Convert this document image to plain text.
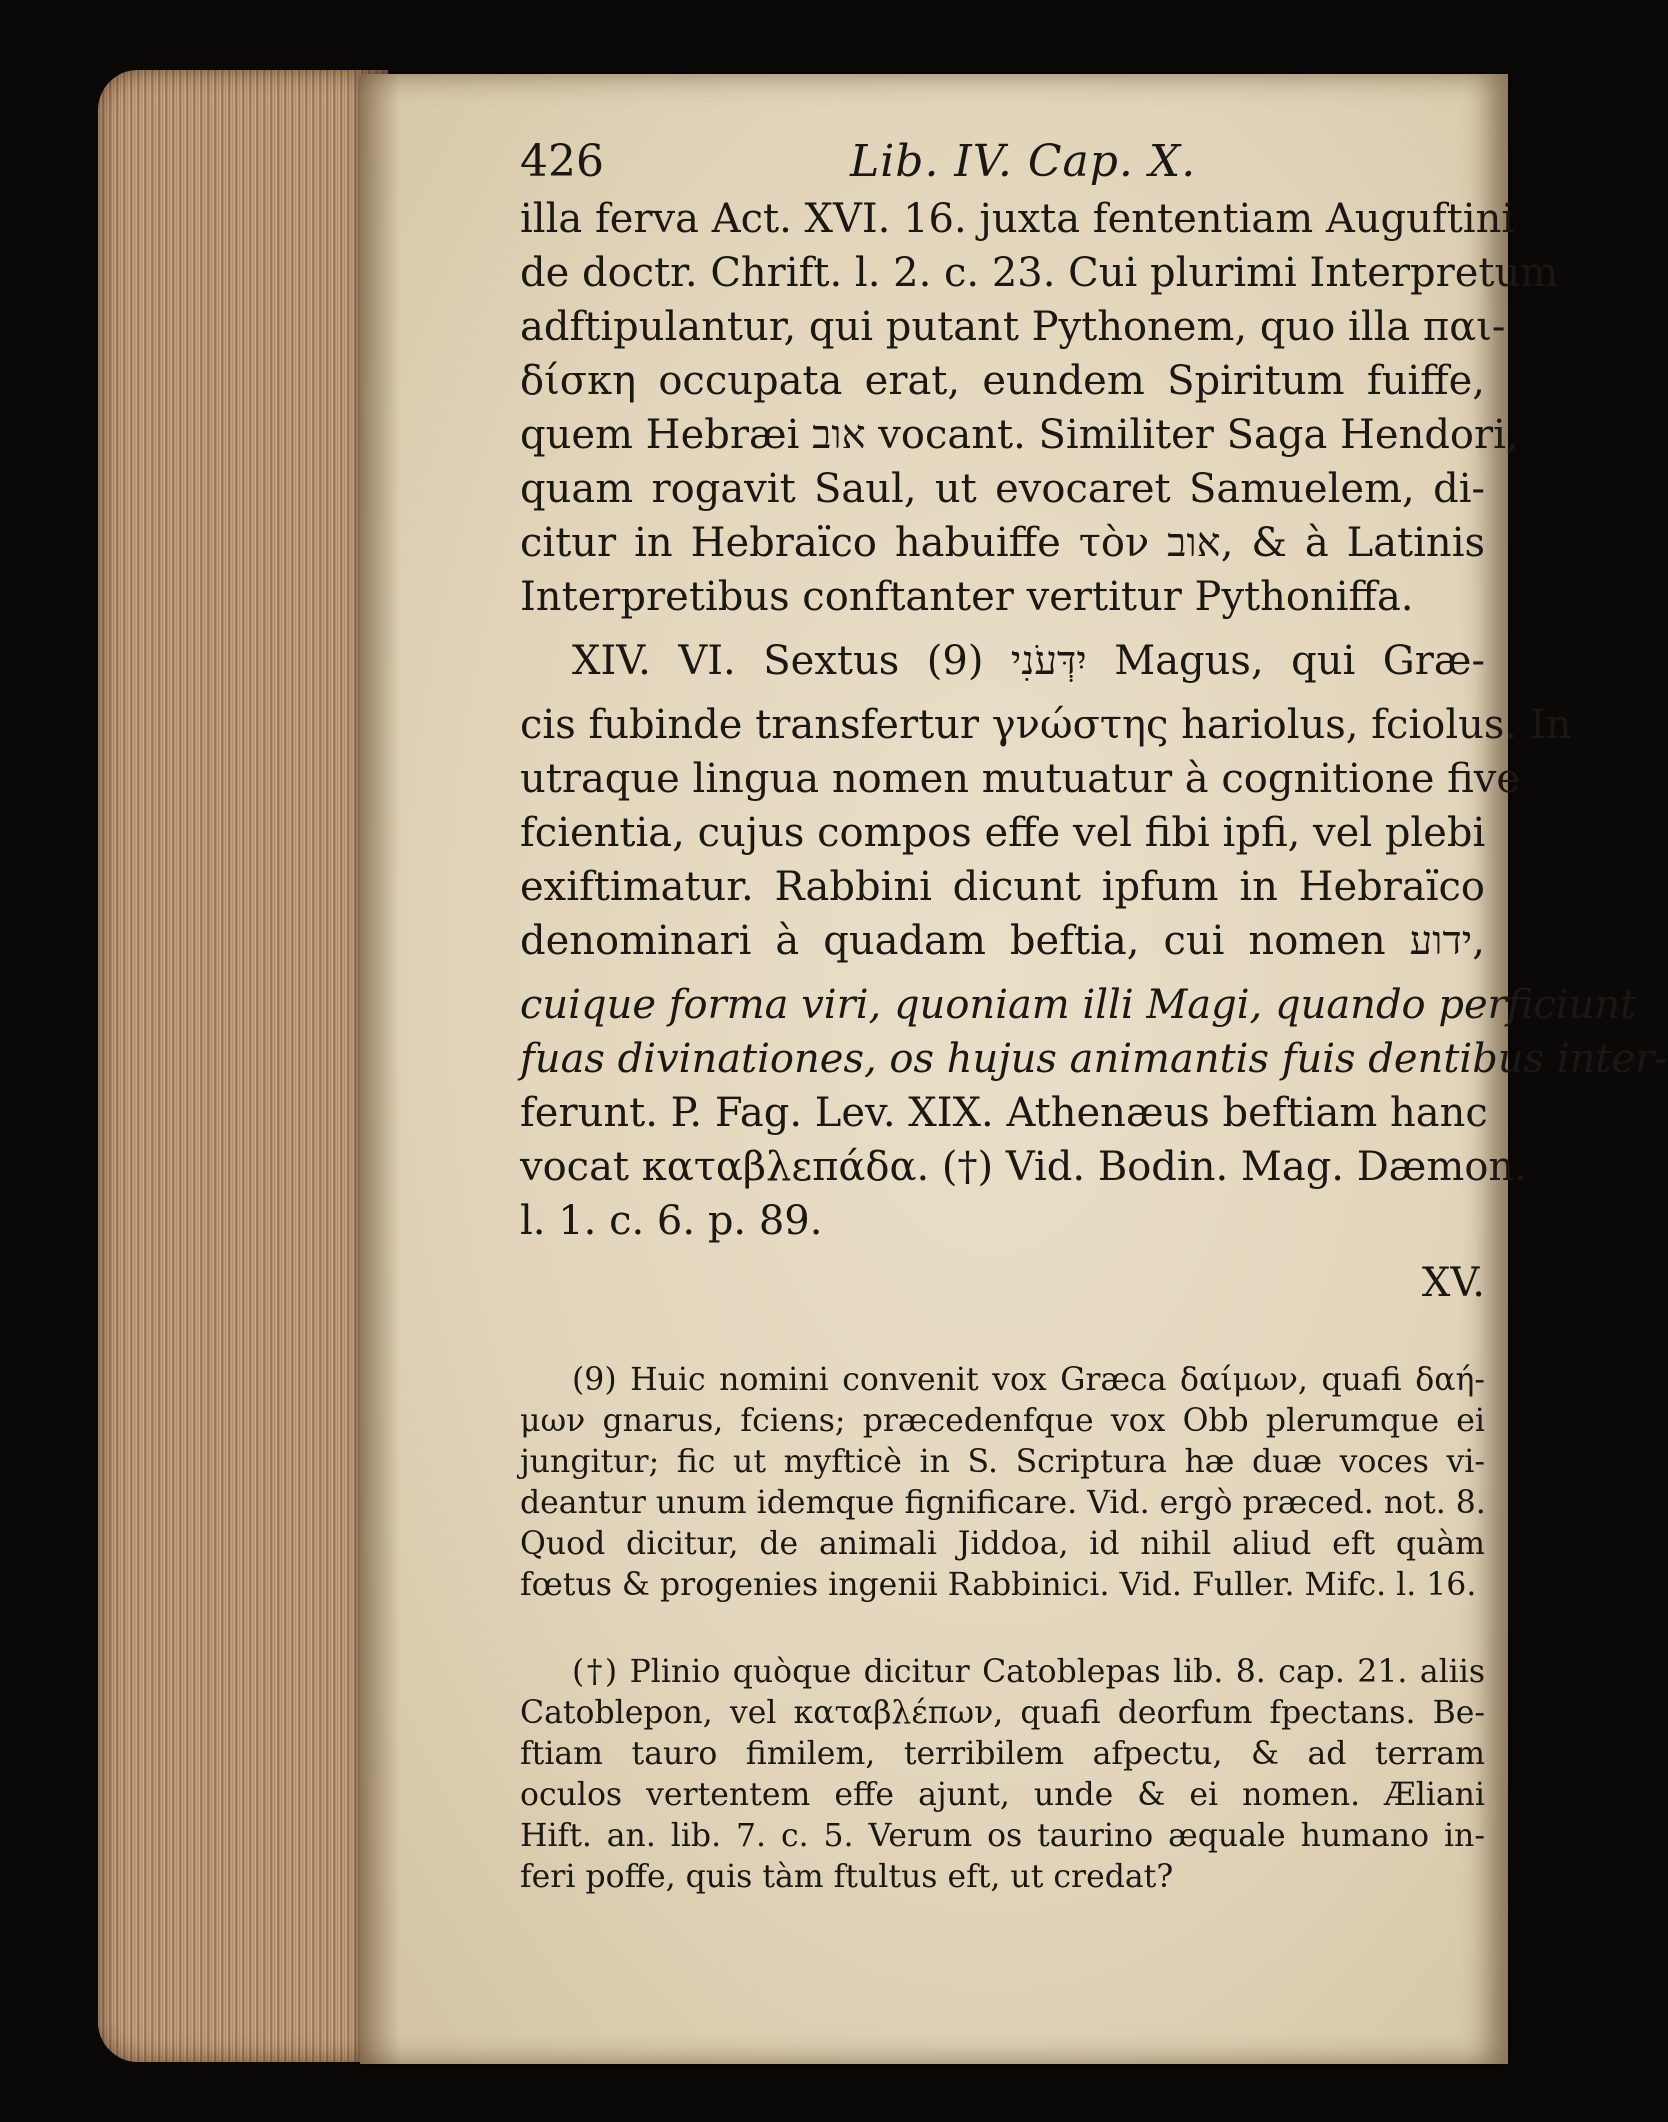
426	Lib. IV. Cap. X.
illa ferva Act. XVI. 16. juxta fententiam Auguftini
de doctr. Chrift. l. 2. c. 23. Cui plurimi Interpretum
adftipulantur, qui putant Pythonem, quo illa παι-
δίσκη occupata erat, eundem Spiritum fuiffe,
quem Hebræi אוב vocant. Similiter Saga Hendori,
quam rogavit Saul, ut evocaret Samuelem, di-
citur in Hebraïco habuiffe τὸν אוב, & à Latinis
Interpretibus conftanter vertitur Pythoniffa.
XIV. VI. Sextus יִדְּעֹנִי (9) Magus, qui Græ-
cis fubinde transfertur γνώστης hariolus, fciolus. In
utraque lingua nomen mutuatur à cognitione five
fcientia, cujus compos effe vel fibi ipfi, vel plebi
exiftimatur. Rabbini dicunt ipfum in Hebraïco
denominari à quadam beftia, cui nomen ידוע,
cuique forma viri, quoniam illi Magi, quando perficiunt
fuas divinationes, os hujus animantis fuis dentibus inter-
ferunt. P. Fag. Lev. XIX. Athenæus beftiam hanc
vocat καταβλεπάδα. (†) Vid. Bodin. Mag. Dæmon.
l. 1. c. 6. p. 89.
XV.
(9) Huic nomini convenit vox Græca δαίμων, quafi δαή-
μων gnarus, fciens; præcedenfque vox Obb plerumque ei
jungitur; fic ut myfticè in S. Scriptura hæ duæ voces vi-
deantur unum idemque fignificare. Vid. ergò præced. not. 8.
Quod dicitur, de animali Jiddoa, id nihil aliud eft quàm
fœtus & progenies ingenii Rabbinici. Vid. Fuller. Mifc. l. 16.
(†) Plinio quòque dicitur Catoblepas lib. 8. cap. 21. aliis
Catoblepon, vel καταβλέπων, quafi deorfum fpectans. Be-
ftiam tauro fimilem, terribilem afpectu, & ad terram
oculos vertentem effe ajunt, unde & ei nomen. Æliani
Hift. an. lib. 7. c. 5. Verum os taurino æquale humano in-
feri poffe, quis tàm ftultus eft, ut credat?
